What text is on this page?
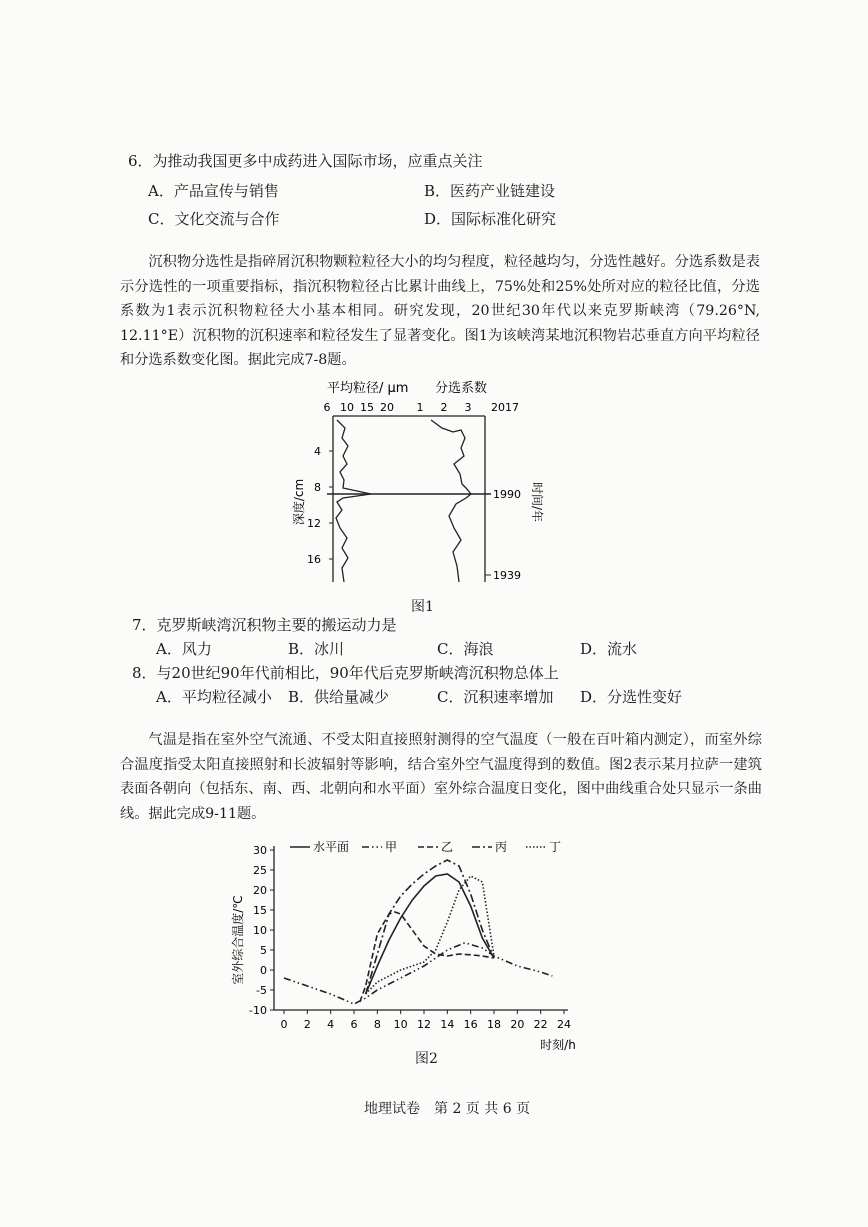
6．为推动我国更多中成药进入国际市场，应重点关注
A．产品宣传与销售	B．医药产业链建设
C．文化交流与合作	D．国际标准化研究
沉积物分选性是指碎屑沉积物颗粒粒径大小的均匀程度，粒径越均匀，分选性越好。分选系数是表示分选性的一项重要指标，指沉积物粒径占比累计曲线上，75%处和25%处所对应的粒径比值，分选系数为1表示沉积物粒径大小基本相同。研究发现，20世纪30年代以来克罗斯峡湾（79.26°N, 12.11°E）沉积物的沉积速率和粒径发生了显著变化。图1为该峡湾某地沉积物岩芯垂直方向平均粒径和分选系数变化图。据此完成7-8题。
平均粒径/ μm 分选系数
6 10 15 20 1 2 3 2017
4
8
12
16
深度/cm	1990
1939
时间/年
图1
7．克罗斯峡湾沉积物主要的搬运动力是
A．风力	B．冰川	C．海浪	D．流水
8．与20世纪90年代前相比，90年代后克罗斯峡湾沉积物总体上
A．平均粒径减小 B．供给量减少	C．沉积速率增加 D．分选性变好
气温是指在室外空气流通、不受太阳直接照射测得的空气温度（一般在百叶箱内测定），而室外综合温度指受太阳直接照射和长波辐射等影响，结合室外空气温度得到的数值。图2表示某月拉萨一建筑表面各朝向（包括东、南、西、北朝向和水平面）室外综合温度日变化，图中曲线重合处只显示一条曲线。据此完成9-11题。
-10
-5
0
5
10
15
20
25
30
0 2 4 6 8 10 12 14 16 18 20 22 24
水平面	甲	乙	丙	丁
室外综合温度/℃
时刻/h
图2
地理试卷　第 2 页 共 6 页
